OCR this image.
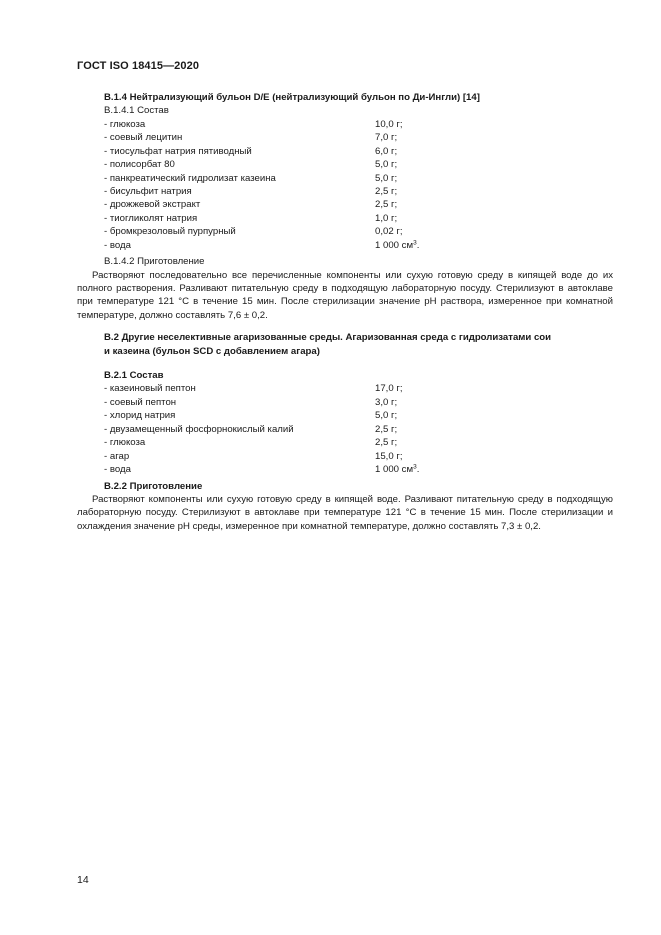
ГОСТ ISO 18415—2020
B.1.4 Нейтрализующий бульон D/E (нейтрализующий бульон по Ди-Ингли) [14]
B.1.4.1 Состав
- глюкоза	10,0 г;
- соевый лецитин	7,0 г;
- тиосульфат натрия пятиводный	6,0 г;
- полисорбат 80	5,0 г;
- панкреатический гидролизат казеина	5,0 г;
- бисульфит натрия	2,5 г;
- дрожжевой экстракт	2,5 г;
- тиогликолят натрия	1,0 г;
- бромкрезоловый пурпурный	0,02 г;
- вода	1 000 $см^3$.
B.1.4.2 Приготовление
Растворяют последовательно все перечисленные компоненты или сухую готовую среду в кипящей воде до их полного растворения. Разливают питательную среду в подходящую лабораторную посуду. Стерилизуют в автоклаве при температуре 121 °С в течение 15 мин. После стерилизации значение pH раствора, измеренное при комнатной температуре, должно составлять 7,6 ± 0,2.
B.2 Другие неселективные агаризованные среды. Агаризованная среда с гидролизатами сои
и казеина (бульон SCD с добавлением агара)
B.2.1 Состав
- казеиновый пептон	17,0 г;
- соевый пептон	3,0 г;
- хлорид натрия	5,0 г;
- двузамещенный фосфорнокислый калий	2,5 г;
- глюкоза	2,5 г;
- агар	15,0 г;
- вода	1 000 $см^3$.
B.2.2 Приготовление
Растворяют компоненты или сухую готовую среду в кипящей воде. Разливают питательную среду в подходящую лабораторную посуду. Стерилизуют в автоклаве при температуре 121 °С в течение 15 мин. После стерилизации и охлаждения значение pH среды, измеренное при комнатной температуре, должно составлять 7,3 ± 0,2.
14
